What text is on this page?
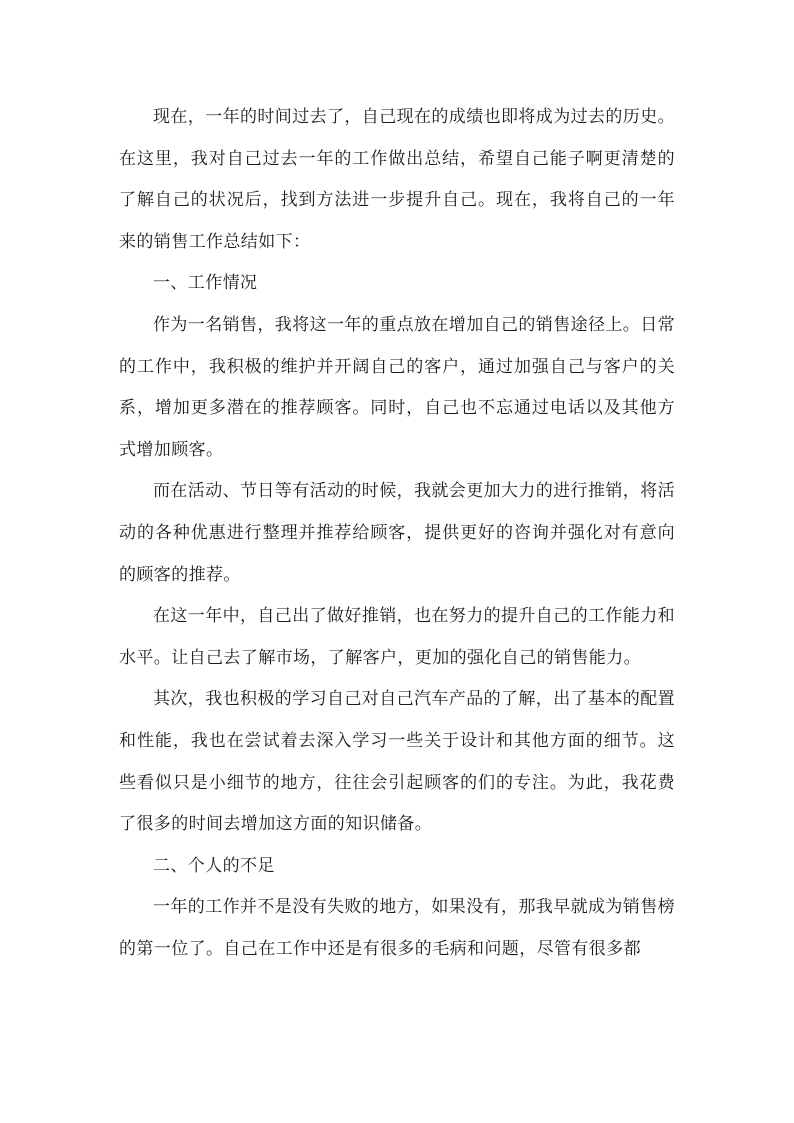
现在，一年的时间过去了，自己现在的成绩也即将成为过去的历史。在这里，我对自己过去一年的工作做出总结，希望自己能子啊更清楚的了解自己的状况后，找到方法进一步提升自己。现在，我将自己的一年来的销售工作总结如下：

一、工作情况

作为一名销售，我将这一年的重点放在增加自己的销售途径上。日常的工作中，我积极的维护并开阔自己的客户，通过加强自己与客户的关系，增加更多潜在的推荐顾客。同时，自己也不忘通过电话以及其他方式增加顾客。

而在活动、节日等有活动的时候，我就会更加大力的进行推销，将活动的各种优惠进行整理并推荐给顾客，提供更好的咨询并强化对有意向的顾客的推荐。

在这一年中，自己出了做好推销，也在努力的提升自己的工作能力和水平。让自己去了解市场，了解客户，更加的强化自己的销售能力。

其次，我也积极的学习自己对自己汽车产品的了解，出了基本的配置和性能，我也在尝试着去深入学习一些关于设计和其他方面的细节。这些看似只是小细节的地方，往往会引起顾客的们的专注。为此，我花费了很多的时间去增加这方面的知识储备。

二、个人的不足

一年的工作并不是没有失败的地方，如果没有，那我早就成为销售榜的第一位了。自己在工作中还是有很多的毛病和问题，尽管有很多都
